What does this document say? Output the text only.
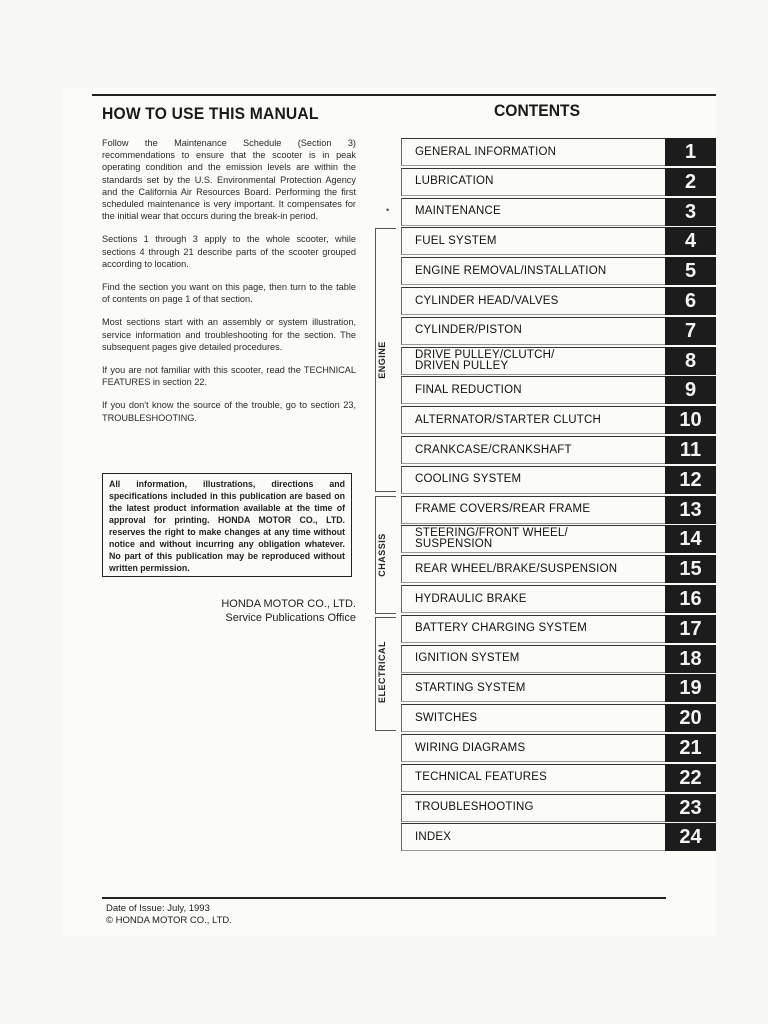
HOW TO USE THIS MANUAL	CONTENTS

Follow the Maintenance Schedule (Section 3) recommendations to ensure that the scooter is in peak operating condition and the emission levels are within the standards set by the U.S. Environmental Protection Agency and the California Air Resources Board. Performing the first scheduled maintenance is very important. It compensates for the initial wear that occurs during the break-in period.

Sections 1 through 3 apply to the whole scooter, while sections 4 through 21 describe parts of the scooter grouped according to location.

Find the section you want on this page, then turn to the table of contents on page 1 of that section.

Most sections start with an assembly or system illustration, service information and troubleshooting for the section. The subsequent pages give detailed procedures.

If you are not familiar with this scooter, read the TECHNICAL FEATURES in section 22.

If you don't know the source of the trouble, go to section 23, TROUBLESHOOTING.

All information, illustrations, directions and specifications included in this publication are based on the latest product information available at the time of approval for printing. HONDA MOTOR CO., LTD. reserves the right to make changes at any time without notice and without incurring any obligation whatever. No part of this publication may be reproduced without written permission.
HONDA MOTOR CO., LTD.
Service Publications Office
•
ENGINE
CHASSIS
ELECTRICAL
GENERAL INFORMATION	1
LUBRICATION	2
MAINTENANCE	3
FUEL SYSTEM	4
ENGINE REMOVAL/INSTALLATION	5
CYLINDER HEAD/VALVES	6
CYLINDER/PISTON	7
DRIVE PULLEY/CLUTCH/
DRIVEN PULLEY	8
FINAL REDUCTION	9
ALTERNATOR/STARTER CLUTCH	10
CRANKCASE/CRANKSHAFT	11
COOLING SYSTEM	12
FRAME COVERS/REAR FRAME	13
STEERING/FRONT WHEEL/
SUSPENSION	14
REAR WHEEL/BRAKE/SUSPENSION	15
HYDRAULIC BRAKE	16
BATTERY CHARGING SYSTEM	17
IGNITION SYSTEM	18
STARTING SYSTEM	19
SWITCHES	20
WIRING DIAGRAMS	21
TECHNICAL FEATURES	22
TROUBLESHOOTING	23
INDEX	24
Date of Issue: July, 1993
© HONDA MOTOR CO., LTD.
